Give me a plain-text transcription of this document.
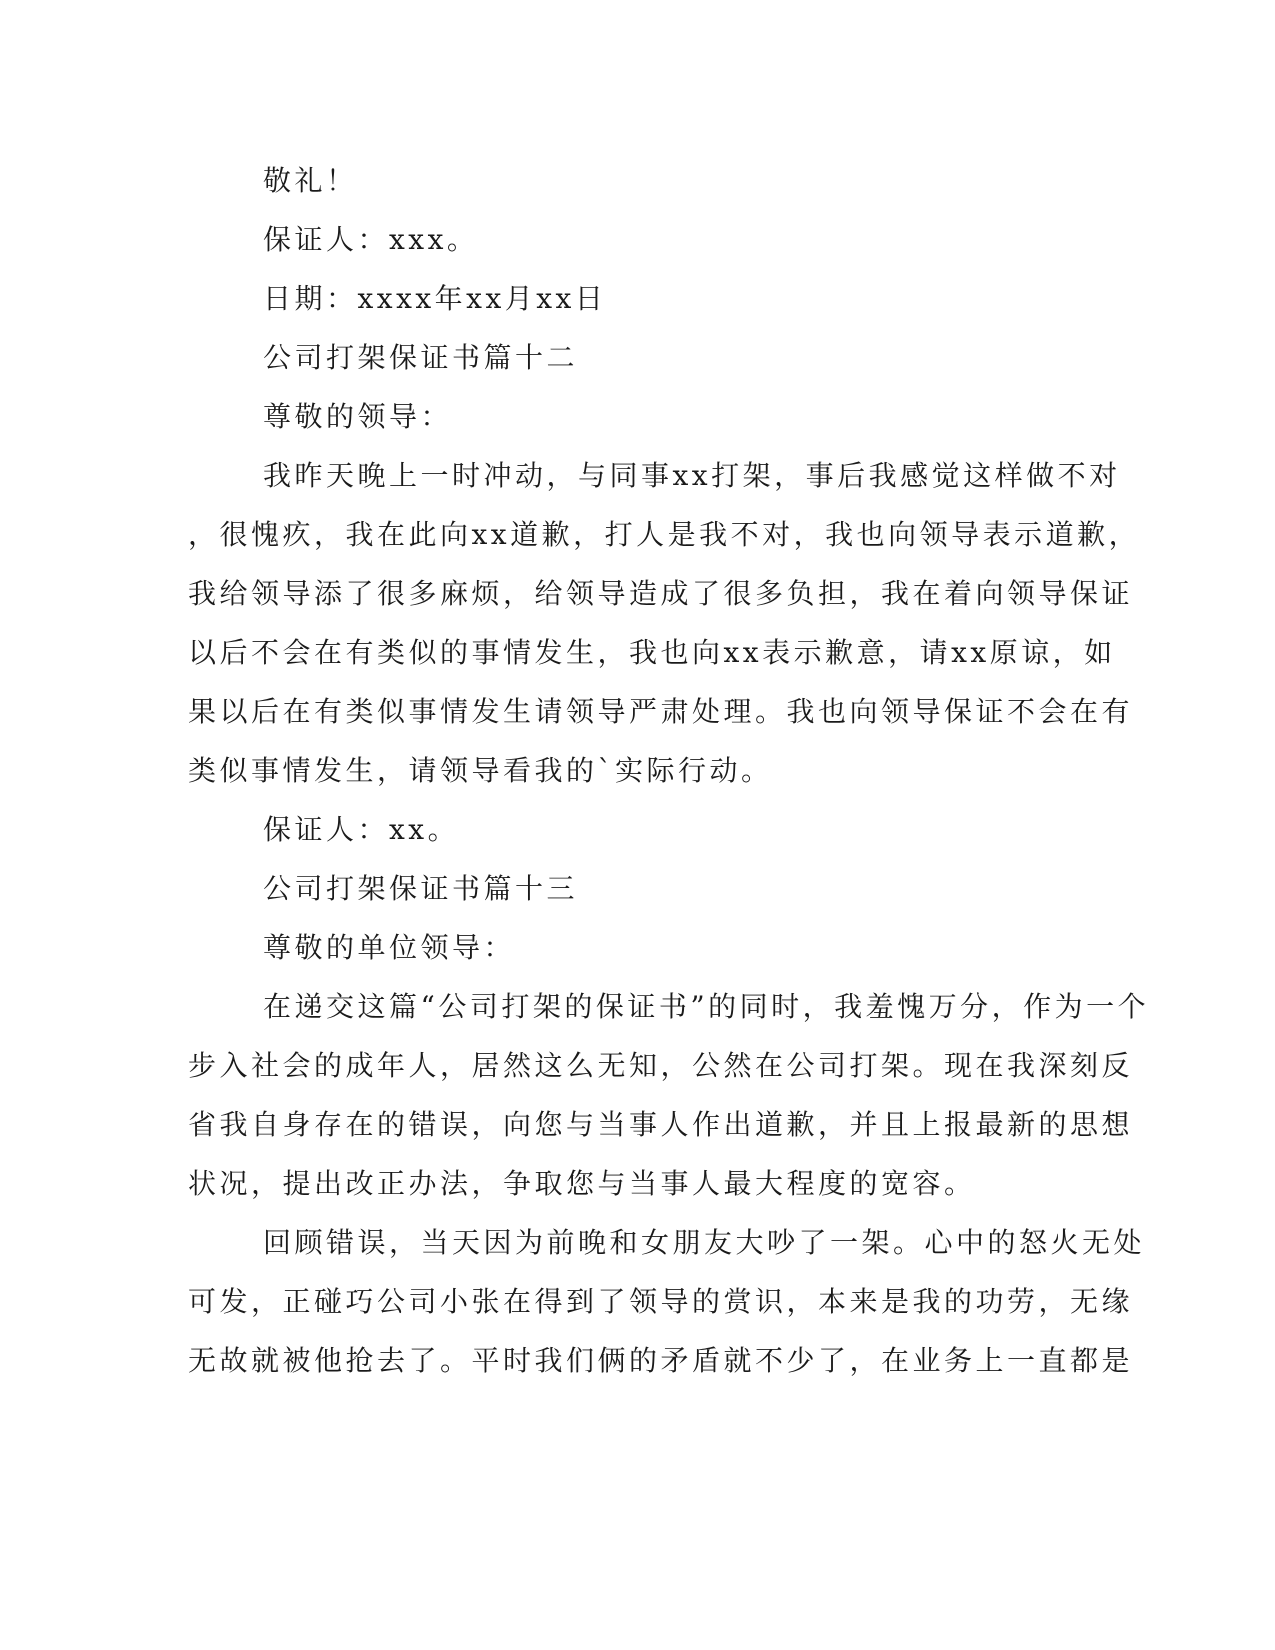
敬礼！
保证人：xxx。
日期：xxxx年xx月xx日
公司打架保证书篇十二
尊敬的领导：
我昨天晚上一时冲动，与同事xx打架，事后我感觉这样做不对
，很愧疚，我在此向xx道歉，打人是我不对，我也向领导表示道歉，
我给领导添了很多麻烦，给领导造成了很多负担，我在着向领导保证
以后不会在有类似的事情发生，我也向xx表示歉意，请xx原谅，如
果以后在有类似事情发生请领导严肃处理。我也向领导保证不会在有
类似事情发生，请领导看我的`实际行动。
保证人：xx。
公司打架保证书篇十三
尊敬的单位领导：
在递交这篇“公司打架的保证书”的同时，我羞愧万分，作为一个
步入社会的成年人，居然这么无知，公然在公司打架。现在我深刻反
省我自身存在的错误，向您与当事人作出道歉，并且上报最新的思想
状况，提出改正办法，争取您与当事人最大程度的宽容。
回顾错误，当天因为前晚和女朋友大吵了一架。心中的怒火无处
可发，正碰巧公司小张在得到了领导的赏识，本来是我的功劳，无缘
无故就被他抢去了。平时我们俩的矛盾就不少了，在业务上一直都是
